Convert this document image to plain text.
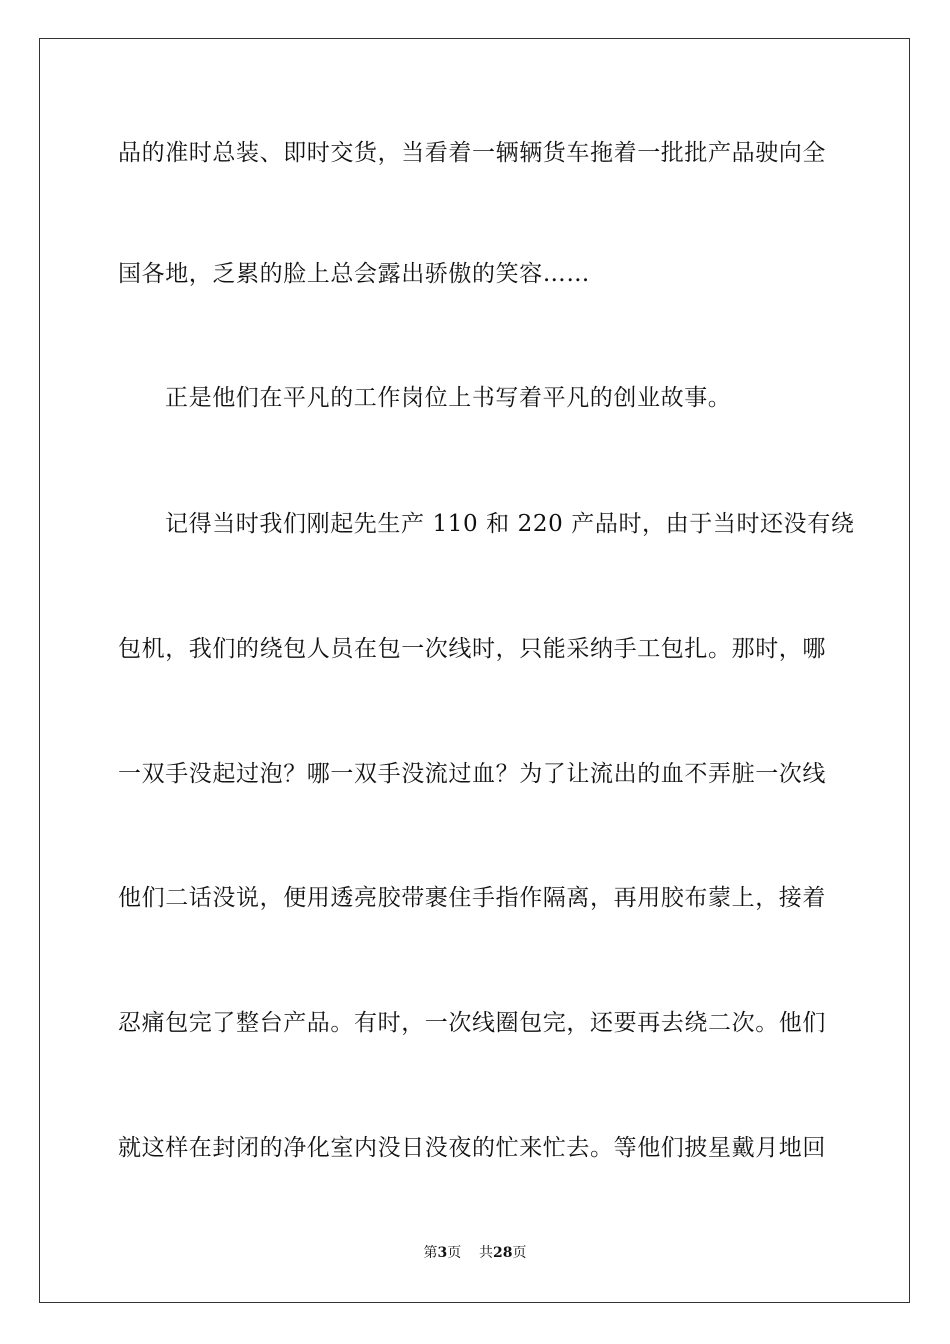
品的准时总装、即时交货，当看着一辆辆货车拖着一批批产品驶向全
国各地，乏累的脸上总会露出骄傲的笑容……
正是他们在平凡的工作岗位上书写着平凡的创业故事。
记得当时我们刚起先生产 110 和 220 产品时，由于当时还没有绕
包机，我们的绕包人员在包一次线时，只能采纳手工包扎。那时，哪
一双手没起过泡？哪一双手没流过血？为了让流出的血不弄脏一次线
他们二话没说，便用透亮胶带裹住手指作隔离，再用胶布蒙上，接着
忍痛包完了整台产品。有时，一次线圈包完，还要再去绕二次。他们
就这样在封闭的净化室内没日没夜的忙来忙去。等他们披星戴月地回
第3页 共28页
